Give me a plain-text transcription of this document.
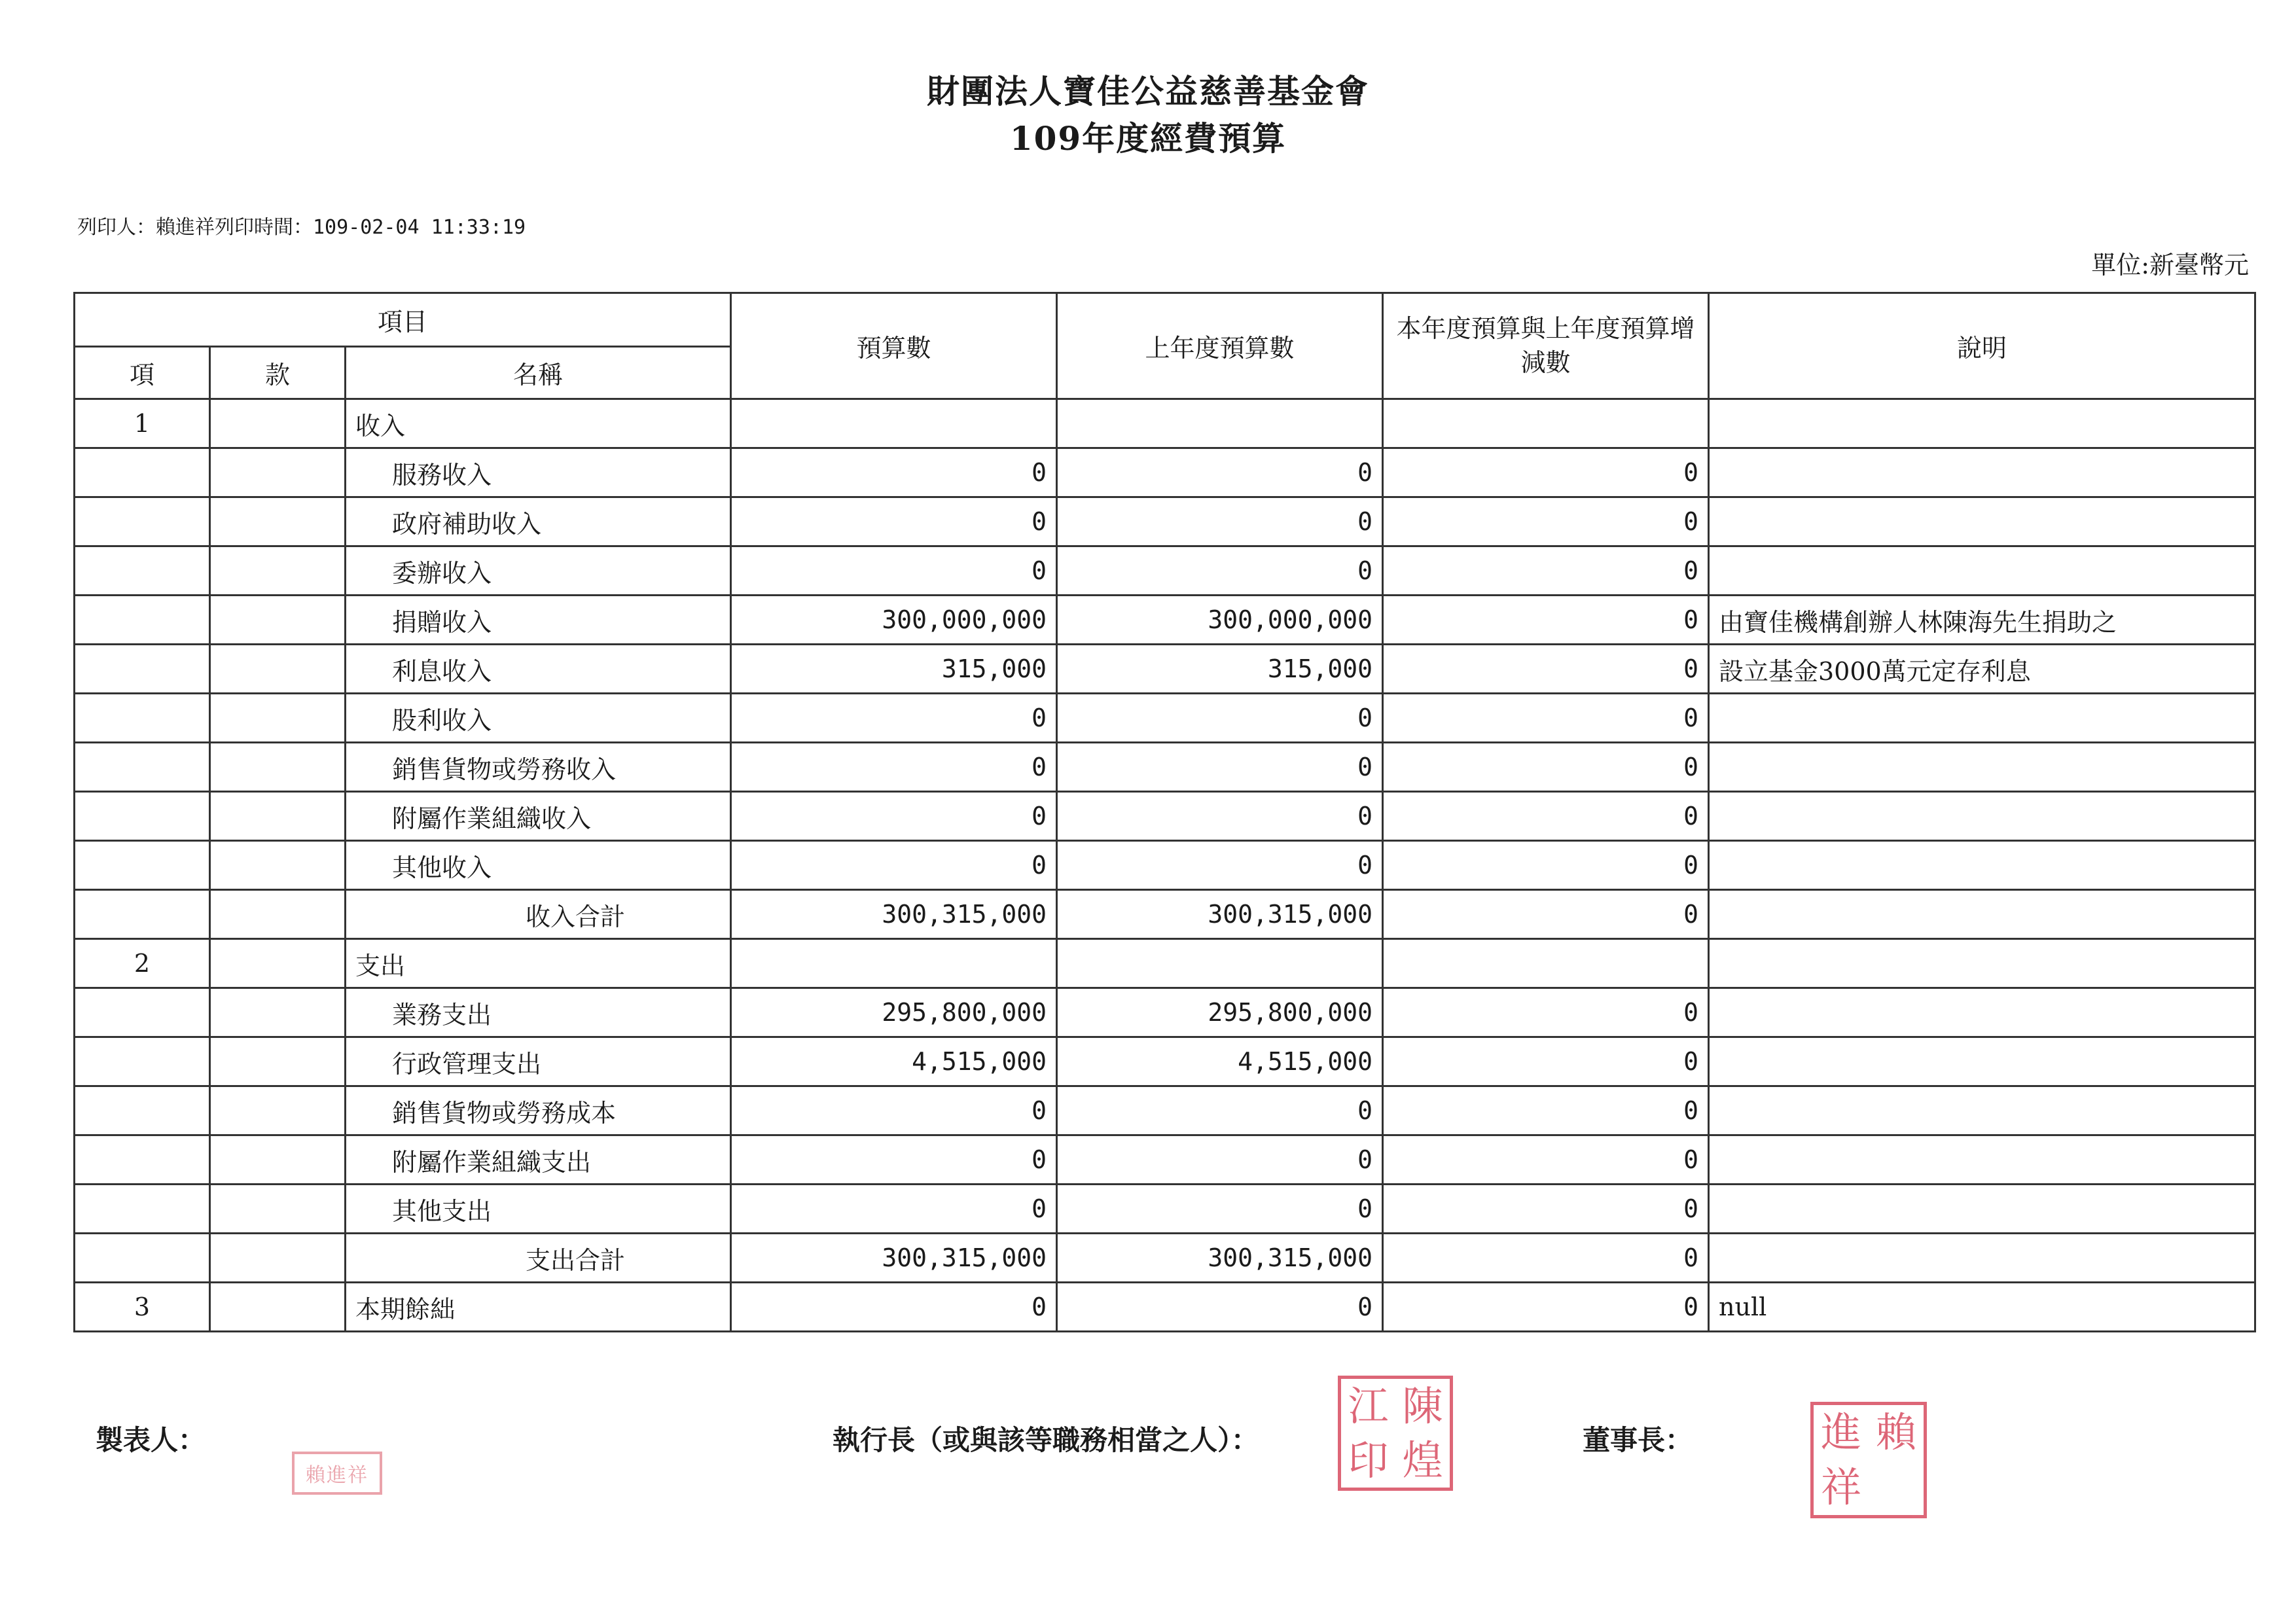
財團法人寶佳公益慈善基金會
109年度經費預算
列印人：賴進祥列印時間：109-02-04 11:33:19
單位:新臺幣元
項目			預算數	上年度預算數	本年度預算與上年度預算增減數	說明
項	款	名稱				
1		收入				
		服務收入	0	0	0	
		政府補助收入	0	0	0	
		委辦收入	0	0	0	
		捐贈收入	300,000,000	300,000,000	0	由寶佳機構創辦人林陳海先生捐助之
		利息收入	315,000	315,000	0	設立基金3000萬元定存利息
		股利收入	0	0	0	
		銷售貨物或勞務收入	0	0	0	
		附屬作業組織收入	0	0	0	
		其他收入	0	0	0	
		收入合計	300,315,000	300,315,000	0	
2		支出				
		業務支出	295,800,000	295,800,000	0	
		行政管理支出	4,515,000	4,515,000	0	
		銷售貨物或勞務成本	0	0	0	
		附屬作業組織支出	0	0	0	
		其他支出	0	0	0	
		支出合計	300,315,000	300,315,000	0	
3		本期餘絀	0	0	0	null
製表人：	執行長（或與該等職務相當之人）：	董事長：
賴進祥
江 陳
印 煌
進 賴
祥
